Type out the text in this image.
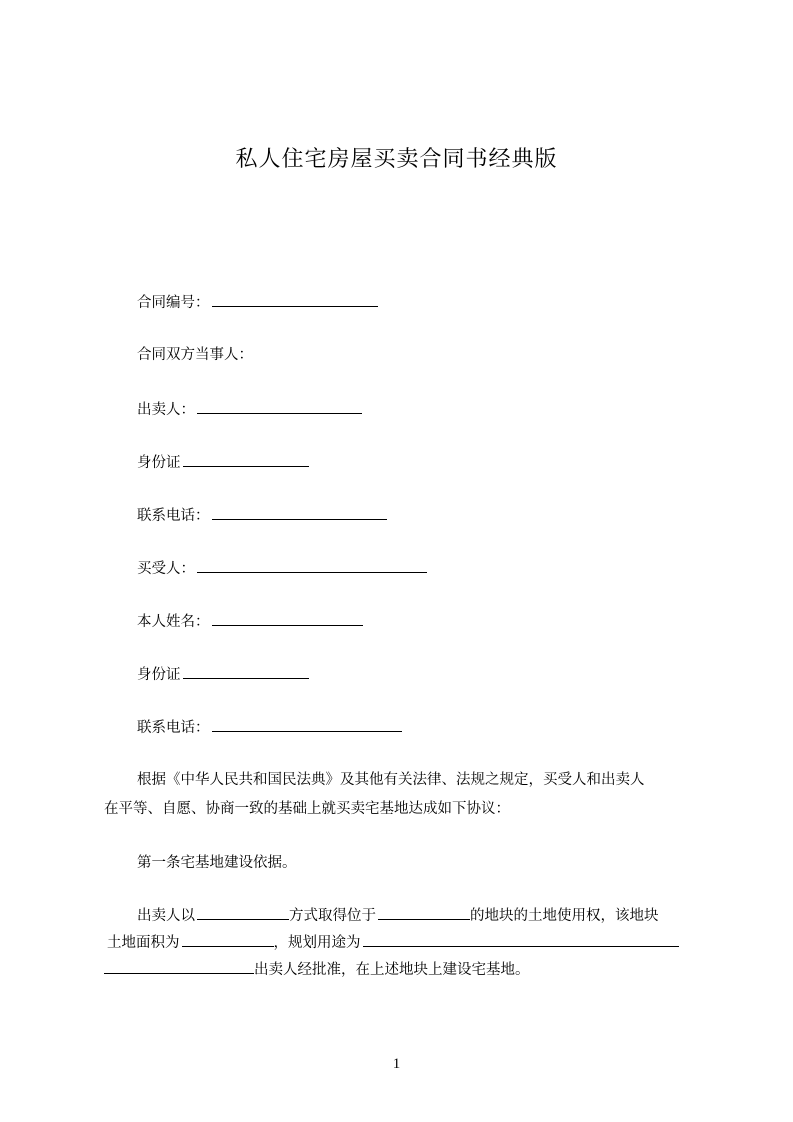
私人住宅房屋买卖合同书经典版
合同编号：
合同双方当事人：
出卖人：
身份证
联系电话：
买受人：
本人姓名：
身份证
联系电话：
根据《中华人民共和国民法典》及其他有关法律、法规之规定，买受人和出卖人
在平等、自愿、协商一致的基础上就买卖宅基地达成如下协议：
第一条宅基地建设依据。
出卖人以	方式取得位于	的地块的土地使用权，该地块
土地面积为	，规划用途为
出卖人经批准，在上述地块上建设宅基地。
1
